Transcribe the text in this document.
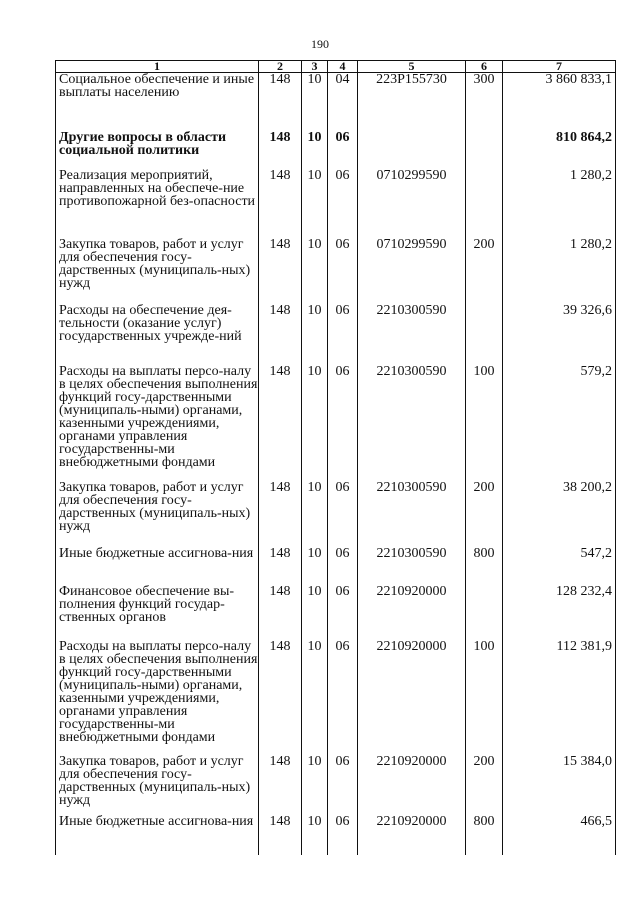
190
1	2	3	4	5	6	7
Социальное обеспечение и иные выплаты населению	148	10	04	223Р155730	300	3 860 833,1
Другие вопросы в области социальной политики	148	10	06			810 864,2
Реализация мероприятий, направленных на обеспече-ние противопожарной без-опасности	148	10	06	0710299590		1 280,2
Закупка товаров, работ и услуг для обеспечения госу-дарственных (муниципаль-ных) нужд	148	10	06	0710299590	200	1 280,2
Расходы на обеспечение дея-тельности (оказание услуг) государственных учрежде-ний	148	10	06	2210300590		39 326,6
Расходы на выплаты персо-налу в целях обеспечения выполнения функций госу-дарственными (муниципаль-ными) органами, казенными учреждениями, органами управления государственны-ми внебюджетными фондами	148	10	06	2210300590	100	579,2
Закупка товаров, работ и услуг для обеспечения госу-дарственных (муниципаль-ных) нужд	148	10	06	2210300590	200	38 200,2
Иные бюджетные ассигнова-ния	148	10	06	2210300590	800	547,2
Финансовое обеспечение вы-полнения функций государ-ственных органов	148	10	06	2210920000		128 232,4
Расходы на выплаты персо-налу в целях обеспечения выполнения функций госу-дарственными (муниципаль-ными) органами, казенными учреждениями, органами управления государственны-ми внебюджетными фондами	148	10	06	2210920000	100	112 381,9
Закупка товаров, работ и услуг для обеспечения госу-дарственных (муниципаль-ных) нужд	148	10	06	2210920000	200	15 384,0
Иные бюджетные ассигнова-ния	148	10	06	2210920000	800	466,5
